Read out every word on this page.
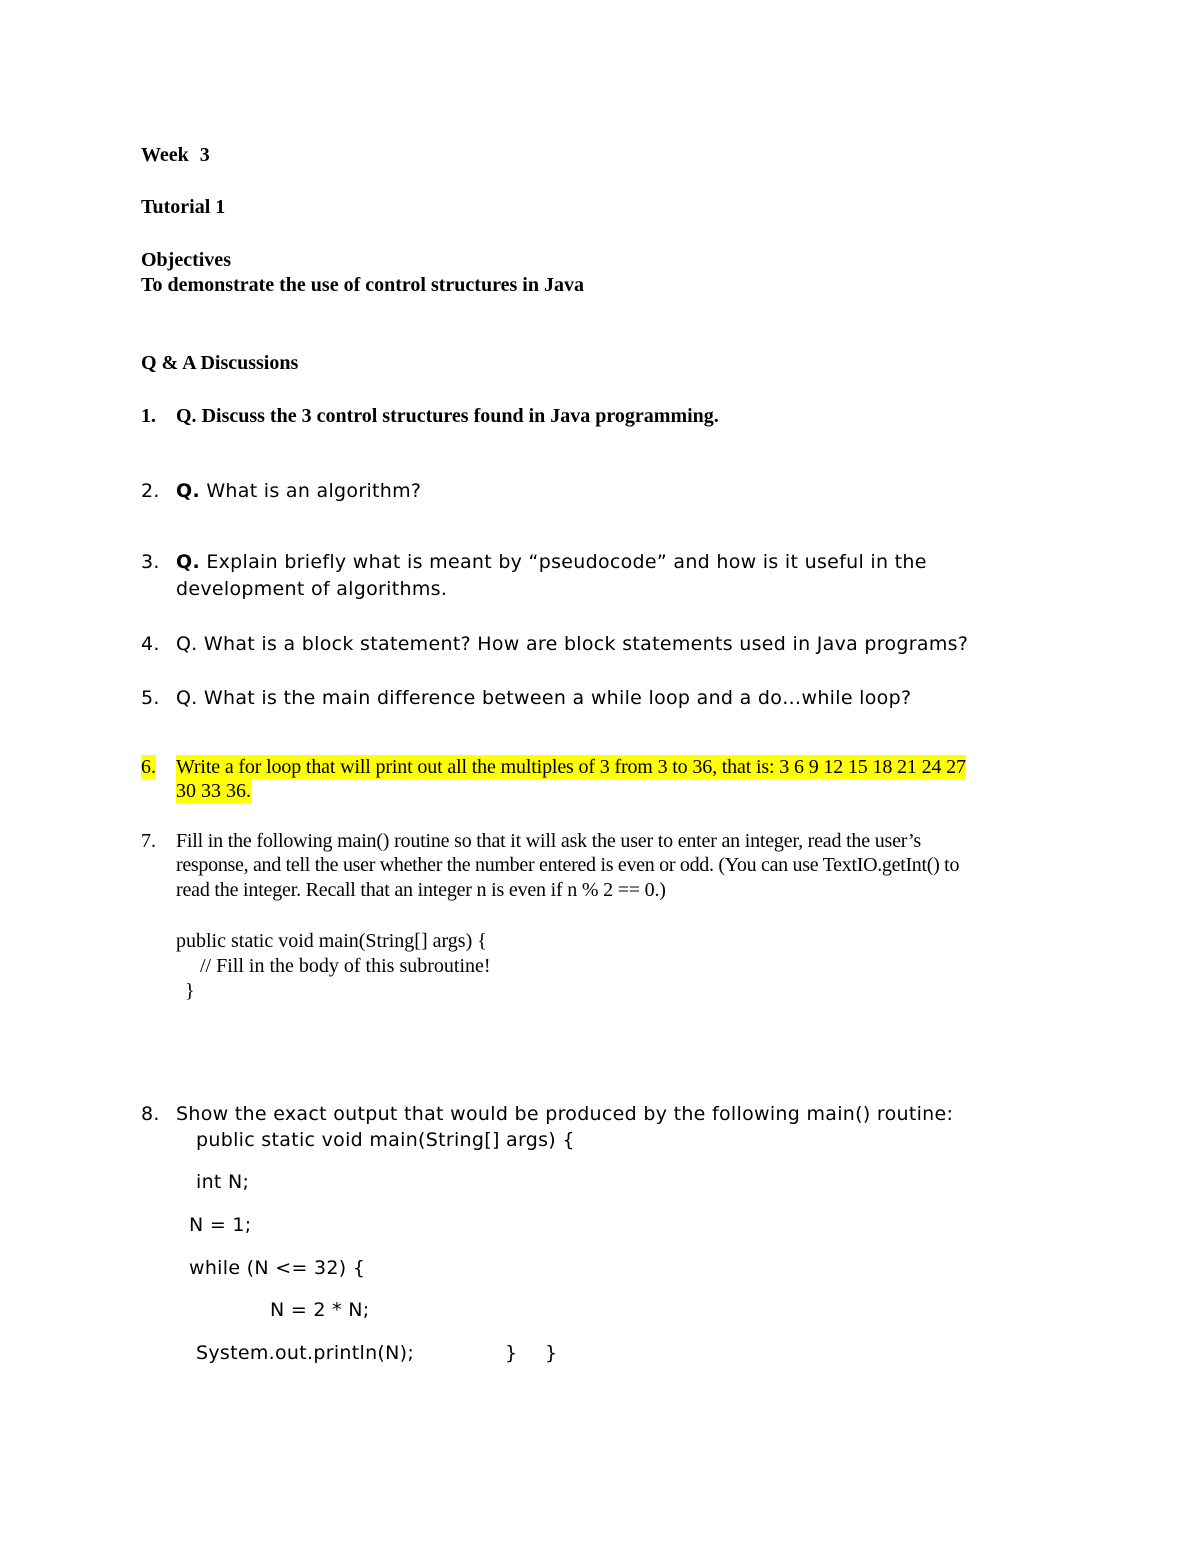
Week 3
Tutorial 1
Objectives
To demonstrate the use of control structures in Java
Q & A Discussions
1. Q. Discuss the 3 control structures found in Java programming.
2. Q. What is an algorithm?
3. Q. Explain briefly what is meant by “pseudocode” and how is it useful in the
development of algorithms.
4. Q. What is a block statement? How are block statements used in Java programs?
5. Q. What is the main difference between a while loop and a do…while loop?
6. Write a for loop that will print out all the multiples of 3 from 3 to 36, that is: 3 6 9 12 15 18 21 24 27
30 33 36.
7. Fill in the following main() routine so that it will ask the user to enter an integer, read the user’s
response, and tell the user whether the number entered is even or odd. (You can use TextIO.getInt() to
read the integer. Recall that an integer n is even if n % 2 == 0.)
public static void main(String[] args) {
// Fill in the body of this subroutine!
}
8. Show the exact output that would be produced by the following main() routine:
public static void main(String[] args) {
int N;
N = 1;
while (N <= 32) {
N = 2 * N;
System.out.println(N);	} }
